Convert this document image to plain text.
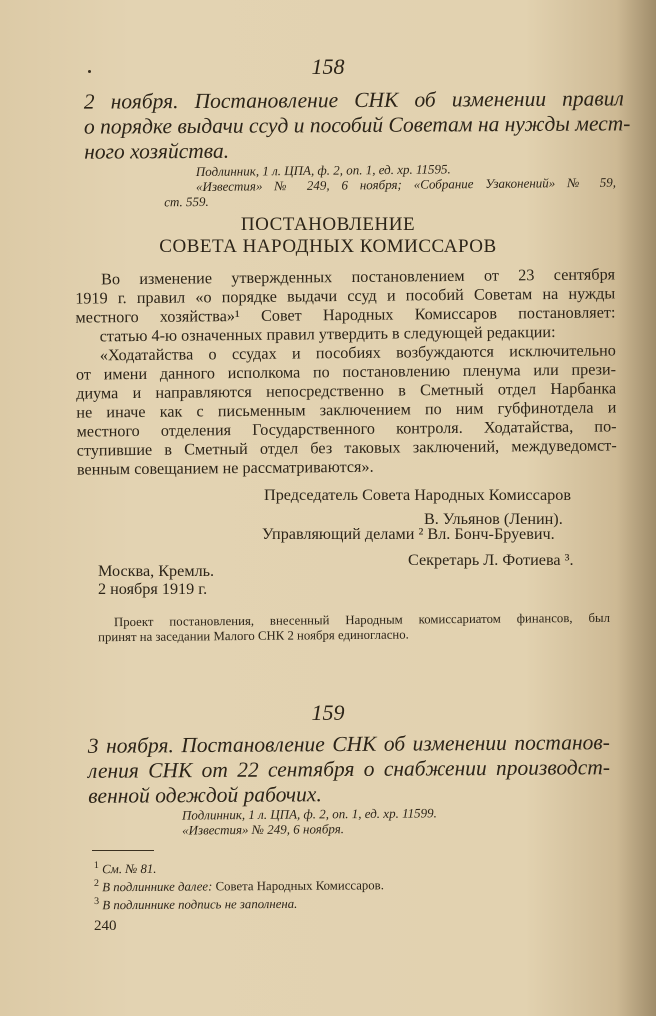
158
2 ноября. Постановление СНК об изменении правил
о порядке выдачи ссуд и пособий Советам на нужды мест-
ного хозяйства.
Подлинник, 1 л. ЦПА, ф. 2, оп. 1, ед. хр. 11595.
«Известия» № 249, 6 ноября; «Собрание Узаконений» № 59,
ст. 559.
ПОСТАНОВЛЕНИЕ
СОВЕТА НАРОДНЫХ КОМИССАРОВ
Во изменение утвержденных постановлением от 23 сентября
1919 г. правил «о порядке выдачи ссуд и пособий Советам на нужды
местного хозяйства»¹ Совет Народных Комиссаров постановляет:
статью 4-ю означенных правил утвердить в следующей редакции:
«Ходатайства о ссудах и пособиях возбуждаются исключительно
от имени данного исполкома по постановлению пленума или прези-
диума и направляются непосредственно в Сметный отдел Нарбанка
не иначе как с письменным заключением по ним губфинотдела и
местного отделения Государственного контроля. Ходатайства, по-
ступившие в Сметный отдел без таковых заключений, междуведомст-
венным совещанием не рассматриваются».
Председатель Совета Народных Комиссаров
В. Ульянов (Ленин).
Управляющий делами ² Вл. Бонч-Бруевич.
Секретарь Л. Фотиева ³.
Москва, Кремль.
2 ноября 1919 г.
Проект постановления, внесенный Народным комиссариатом финансов, был
принят на заседании Малого СНК 2 ноября единогласно.
159
3 ноября. Постановление СНК об изменении постанов-
ления СНК от 22 сентября о снабжении производст-
венной одеждой рабочих.
Подлинник, 1 л. ЦПА, ф. 2, оп. 1, ед. хр. 11599.
«Известия» № 249, 6 ноября.
$^1$ См. № 81.
$^2$ В подлиннике далее: Совета Народных Комиссаров.
$^3$ В подлиннике подпись не заполнена.
240
